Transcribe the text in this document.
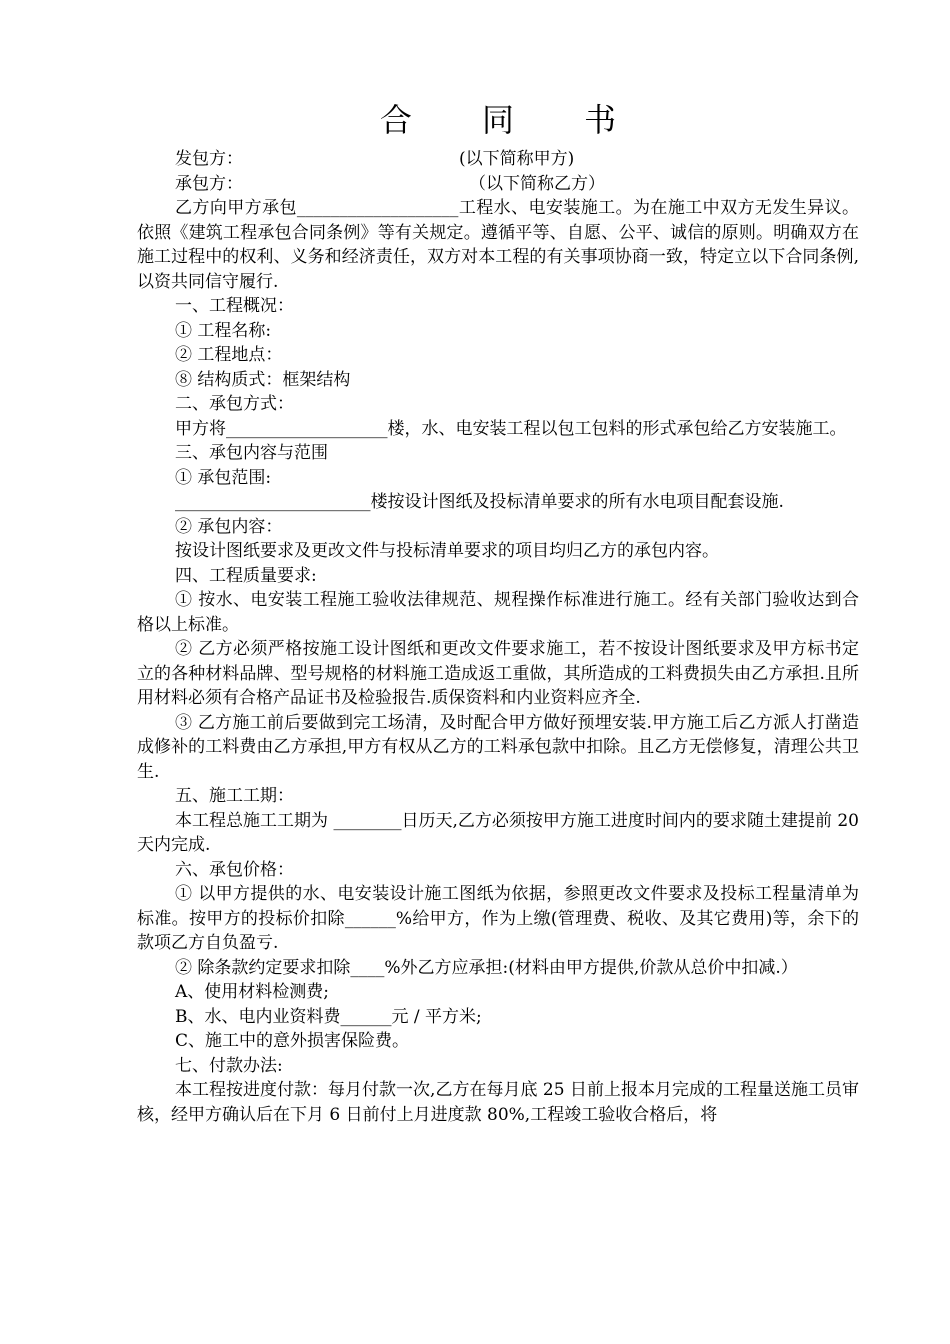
合 同 书
发包方：	(以下简称甲方)
承包方：	（以下简称乙方）

乙方向甲方承包___________________工程水、电安装施工。为在施工中双方无发生异议。依照《建筑工程承包合同条例》等有关规定。遵循平等、自愿、公平、诚信的原则。明确双方在施工过程中的权利、义务和经济责任，双方对本工程的有关事项协商一致，特定立以下合同条例,以资共同信守履行.

一、工程概况：

① 工程名称:

② 工程地点：

⑧ 结构质式：框架结构

二、承包方式：

甲方将___________________楼，水、电安装工程以包工包料的形式承包给乙方安装施工。

三、承包内容与范围

① 承包范围:

_______________________楼按设计图纸及投标清单要求的所有水电项目配套设施.

② 承包内容：

按设计图纸要求及更改文件与投标清单要求的项目均归乙方的承包内容。

四、工程质量要求:

① 按水、电安装工程施工验收法律规范、规程操作标准进行施工。经有关部门验收达到合格以上标准。

② 乙方必须严格按施工设计图纸和更改文件要求施工，若不按设计图纸要求及甲方标书定立的各种材料品牌、型号规格的材料施工造成返工重做，其所造成的工料费损失由乙方承担.且所用材料必须有合格产品证书及检验报告.质保资料和内业资料应齐全.

③ 乙方施工前后要做到完工场清，及时配合甲方做好预埋安装.甲方施工后乙方派人打凿造成修补的工料费由乙方承担,甲方有权从乙方的工料承包款中扣除。且乙方无偿修复，清理公共卫生.

五、施工工期：

本工程总施工工期为 ________日历天,乙方必须按甲方施工进度时间内的要求随土建提前 20 天内完成.

六、承包价格：

① 以甲方提供的水、电安装设计施工图纸为依据，参照更改文件要求及投标工程量清单为标准。按甲方的投标价扣除______%给甲方，作为上缴(管理费、税收、及其它费用)等，余下的款项乙方自负盈亏.

② 除条款约定要求扣除____%外乙方应承担:(材料由甲方提供,价款从总价中扣减.）

A、使用材料检测费;

B、水、电内业资料费______元 / 平方米;

C、施工中的意外损害保险费。

七、付款办法:

本工程按进度付款：每月付款一次,乙方在每月底 25 日前上报本月完成的工程量送施工员审核，经甲方确认后在下月 6 日前付上月进度款 80%,工程竣工验收合格后，将
